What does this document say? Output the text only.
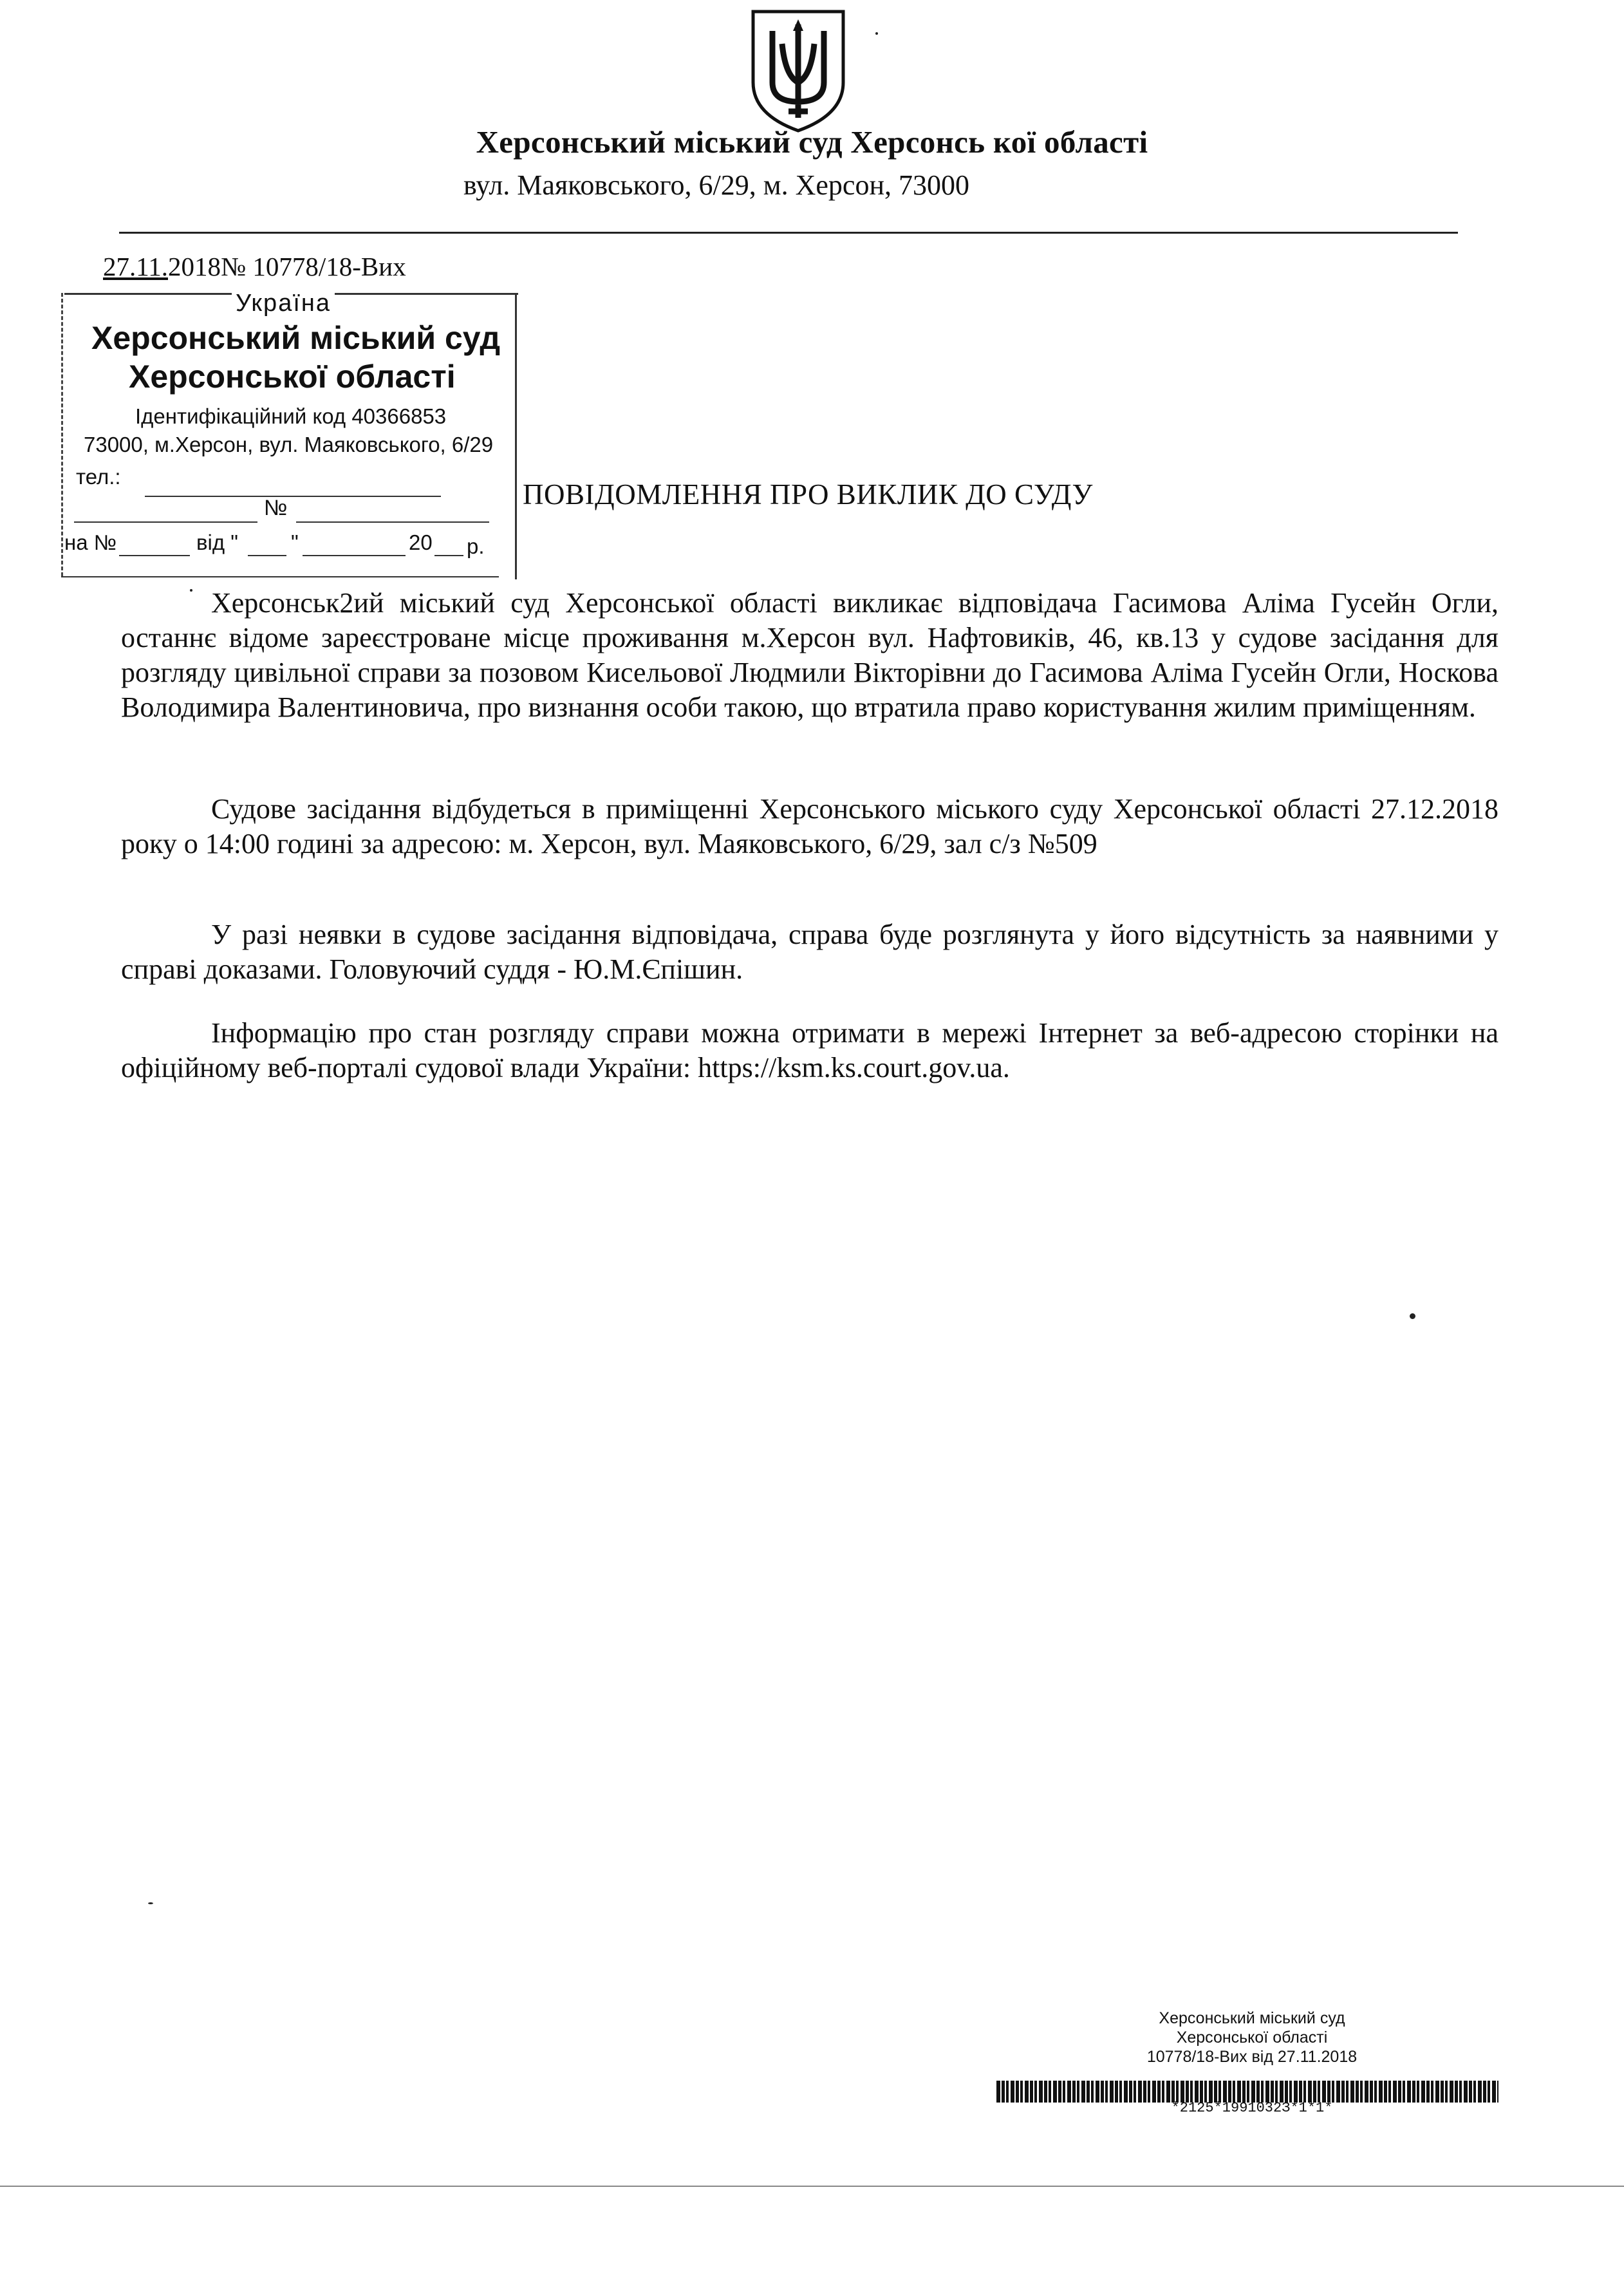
Херсонський міський суд Херсонсь кої області
вул. Маяковського, 6/29, м. Херсон, 73000
27.11.2018№ 10778/18-Вих
Україна
Херсонський міський суд
Херсонської області
Ідентифікаційний код 40366853
73000, м.Херсон, вул. Маяковського, 6/29
тел.:
№
на №	від " "	20 р.
ПОВІДОМЛЕННЯ ПРО ВИКЛИК ДО СУДУ
Херсонськ2ий міський суд Херсонської області викликає відповідача Гасимова Аліма Гусейн Огли, останнє відоме зареєстроване місце проживання м.Херсон вул. Нафтовиків, 46, кв.13 у судове засідання для розгляду цивільної справи за позовом Кисельової Людмили Вікторівни до Гасимова Аліма Гусейн Огли, Носкова Володимира Валентиновича, про визнання особи такою, що втратила право користування жилим приміщенням.
Судове засідання відбудеться в приміщенні Херсонського міського суду Херсонської області 27.12.2018 року о 14:00 годині за адресою: м. Херсон, вул. Маяковського, 6/29, зал с/з №509
У разі неявки в судове засідання відповідача, справа буде розглянута у його відсутність за наявними у справі доказами. Головуючий суддя - Ю.М.Єпішин.
Інформацію про стан розгляду справи можна отримати в мережі Інтернет за веб-адресою сторінки на офіційному веб-порталі судової влади України: https://ksm.ks.court.gov.ua.
Херсонський міський суд
Херсонської області
10778/18-Вих від 27.11.2018
*2125*1991032З*1*1*
